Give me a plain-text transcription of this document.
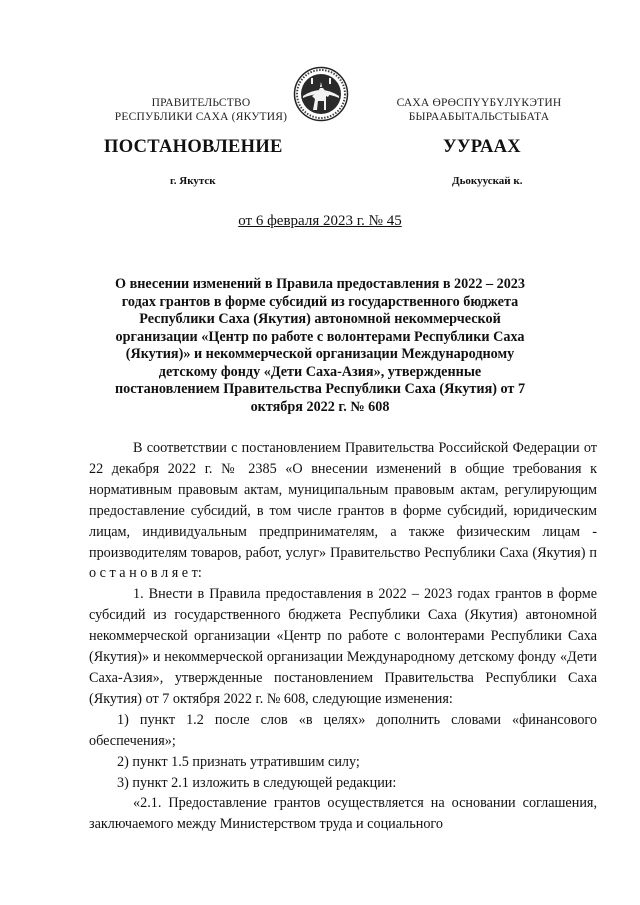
ПРАВИТЕЛЬСТВО
РЕСПУБЛИКИ САХА (ЯКУТИЯ)
САХА ӨРӨСПҮҮБҮЛҮКЭТИН
БЫРААБЫТАЛЬСТЫБАТА
ПОСТАНОВЛЕНИЕ	УУРААХ
г. Якутск	Дьокуускай к.
от 6 февраля 2023 г. № 45
О внесении изменений в Правила предоставления в 2022 – 2023 годах грантов в форме субсидий из государственного бюджета Республики Саха (Якутия) автономной некоммерческой организации «Центр по работе с волонтерами Республики Саха (Якутия)» и некоммерческой организации Международному детскому фонду «Дети Саха-Азия», утвержденные постановлением Правительства Республики Саха (Якутия) от 7 октября 2022 г. № 608

В соответствии с постановлением Правительства Российской Федерации от 22 декабря 2022 г. № 2385 «О внесении изменений в общие требования к нормативным правовым актам, муниципальным правовым актам, регулирующим предоставление субсидий, в том числе грантов в форме субсидий, юридическим лицам, индивидуальным предпринимателям, а также физическим лицам - производителям товаров, работ, услуг» Правительство Республики Саха (Якутия) п о с т а н о в л я е т:

1. Внести в Правила предоставления в 2022 – 2023 годах грантов в форме субсидий из государственного бюджета Республики Саха (Якутия) автономной некоммерческой организации «Центр по работе с волонтерами Республики Саха (Якутия)» и некоммерческой организации Международному детскому фонду «Дети Саха-Азия», утвержденные постановлением Правительства Республики Саха (Якутия) от 7 октября 2022 г. № 608, следующие изменения:

1) пункт 1.2 после слов «в целях» дополнить словами «финансового обеспечения»;

2) пункт 1.5 признать утратившим силу;

3) пункт 2.1 изложить в следующей редакции:

«2.1. Предоставление грантов осуществляется на основании соглашения, заключаемого между Министерством труда и социального
